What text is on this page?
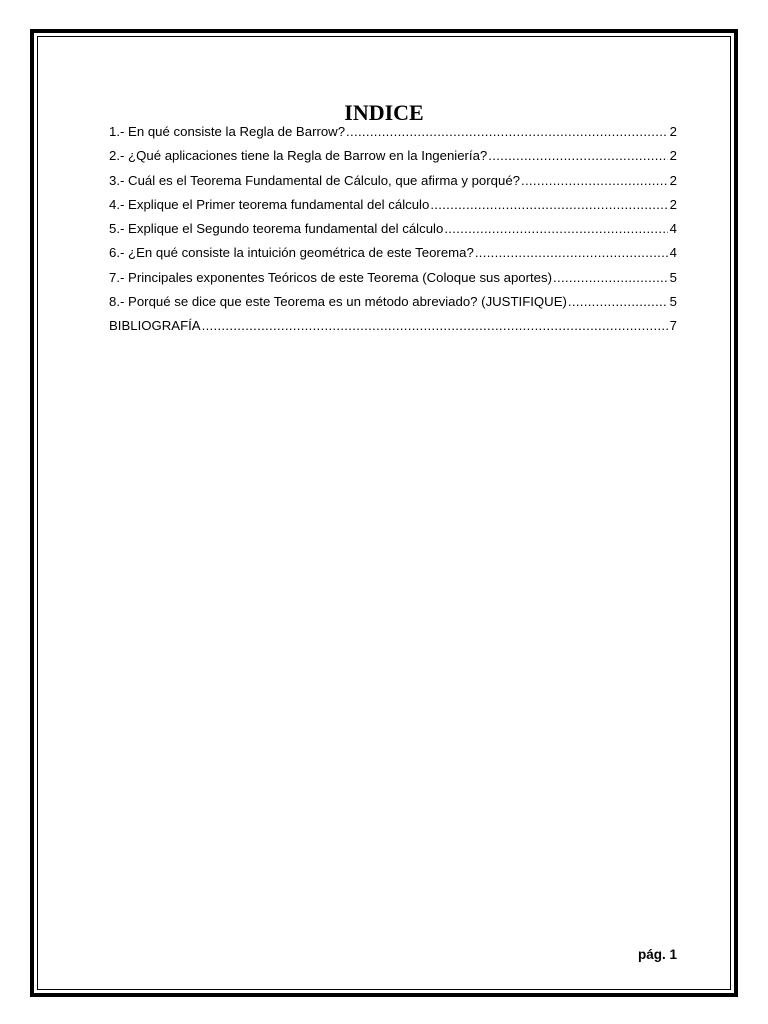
INDICE
1.- En qué consiste la Regla de Barrow? .....	2
2.- ¿Qué aplicaciones tiene la Regla de Barrow en la Ingeniería? .....	2
3.- Cuál es el Teorema Fundamental de Cálculo, que afirma y porqué? .....	2
4.- Explique el Primer teorema fundamental del cálculo .....	2
5.- Explique el Segundo teorema fundamental del cálculo .....	4
6.- ¿En qué consiste la intuición geométrica de este Teorema? .....	4
7.- Principales exponentes Teóricos de este Teorema (Coloque sus aportes) .....	5
8.- Porqué se dice que este Teorema es un método abreviado? (JUSTIFIQUE) .....	5
BIBLIOGRAFÍA .....	7
pág. 1
